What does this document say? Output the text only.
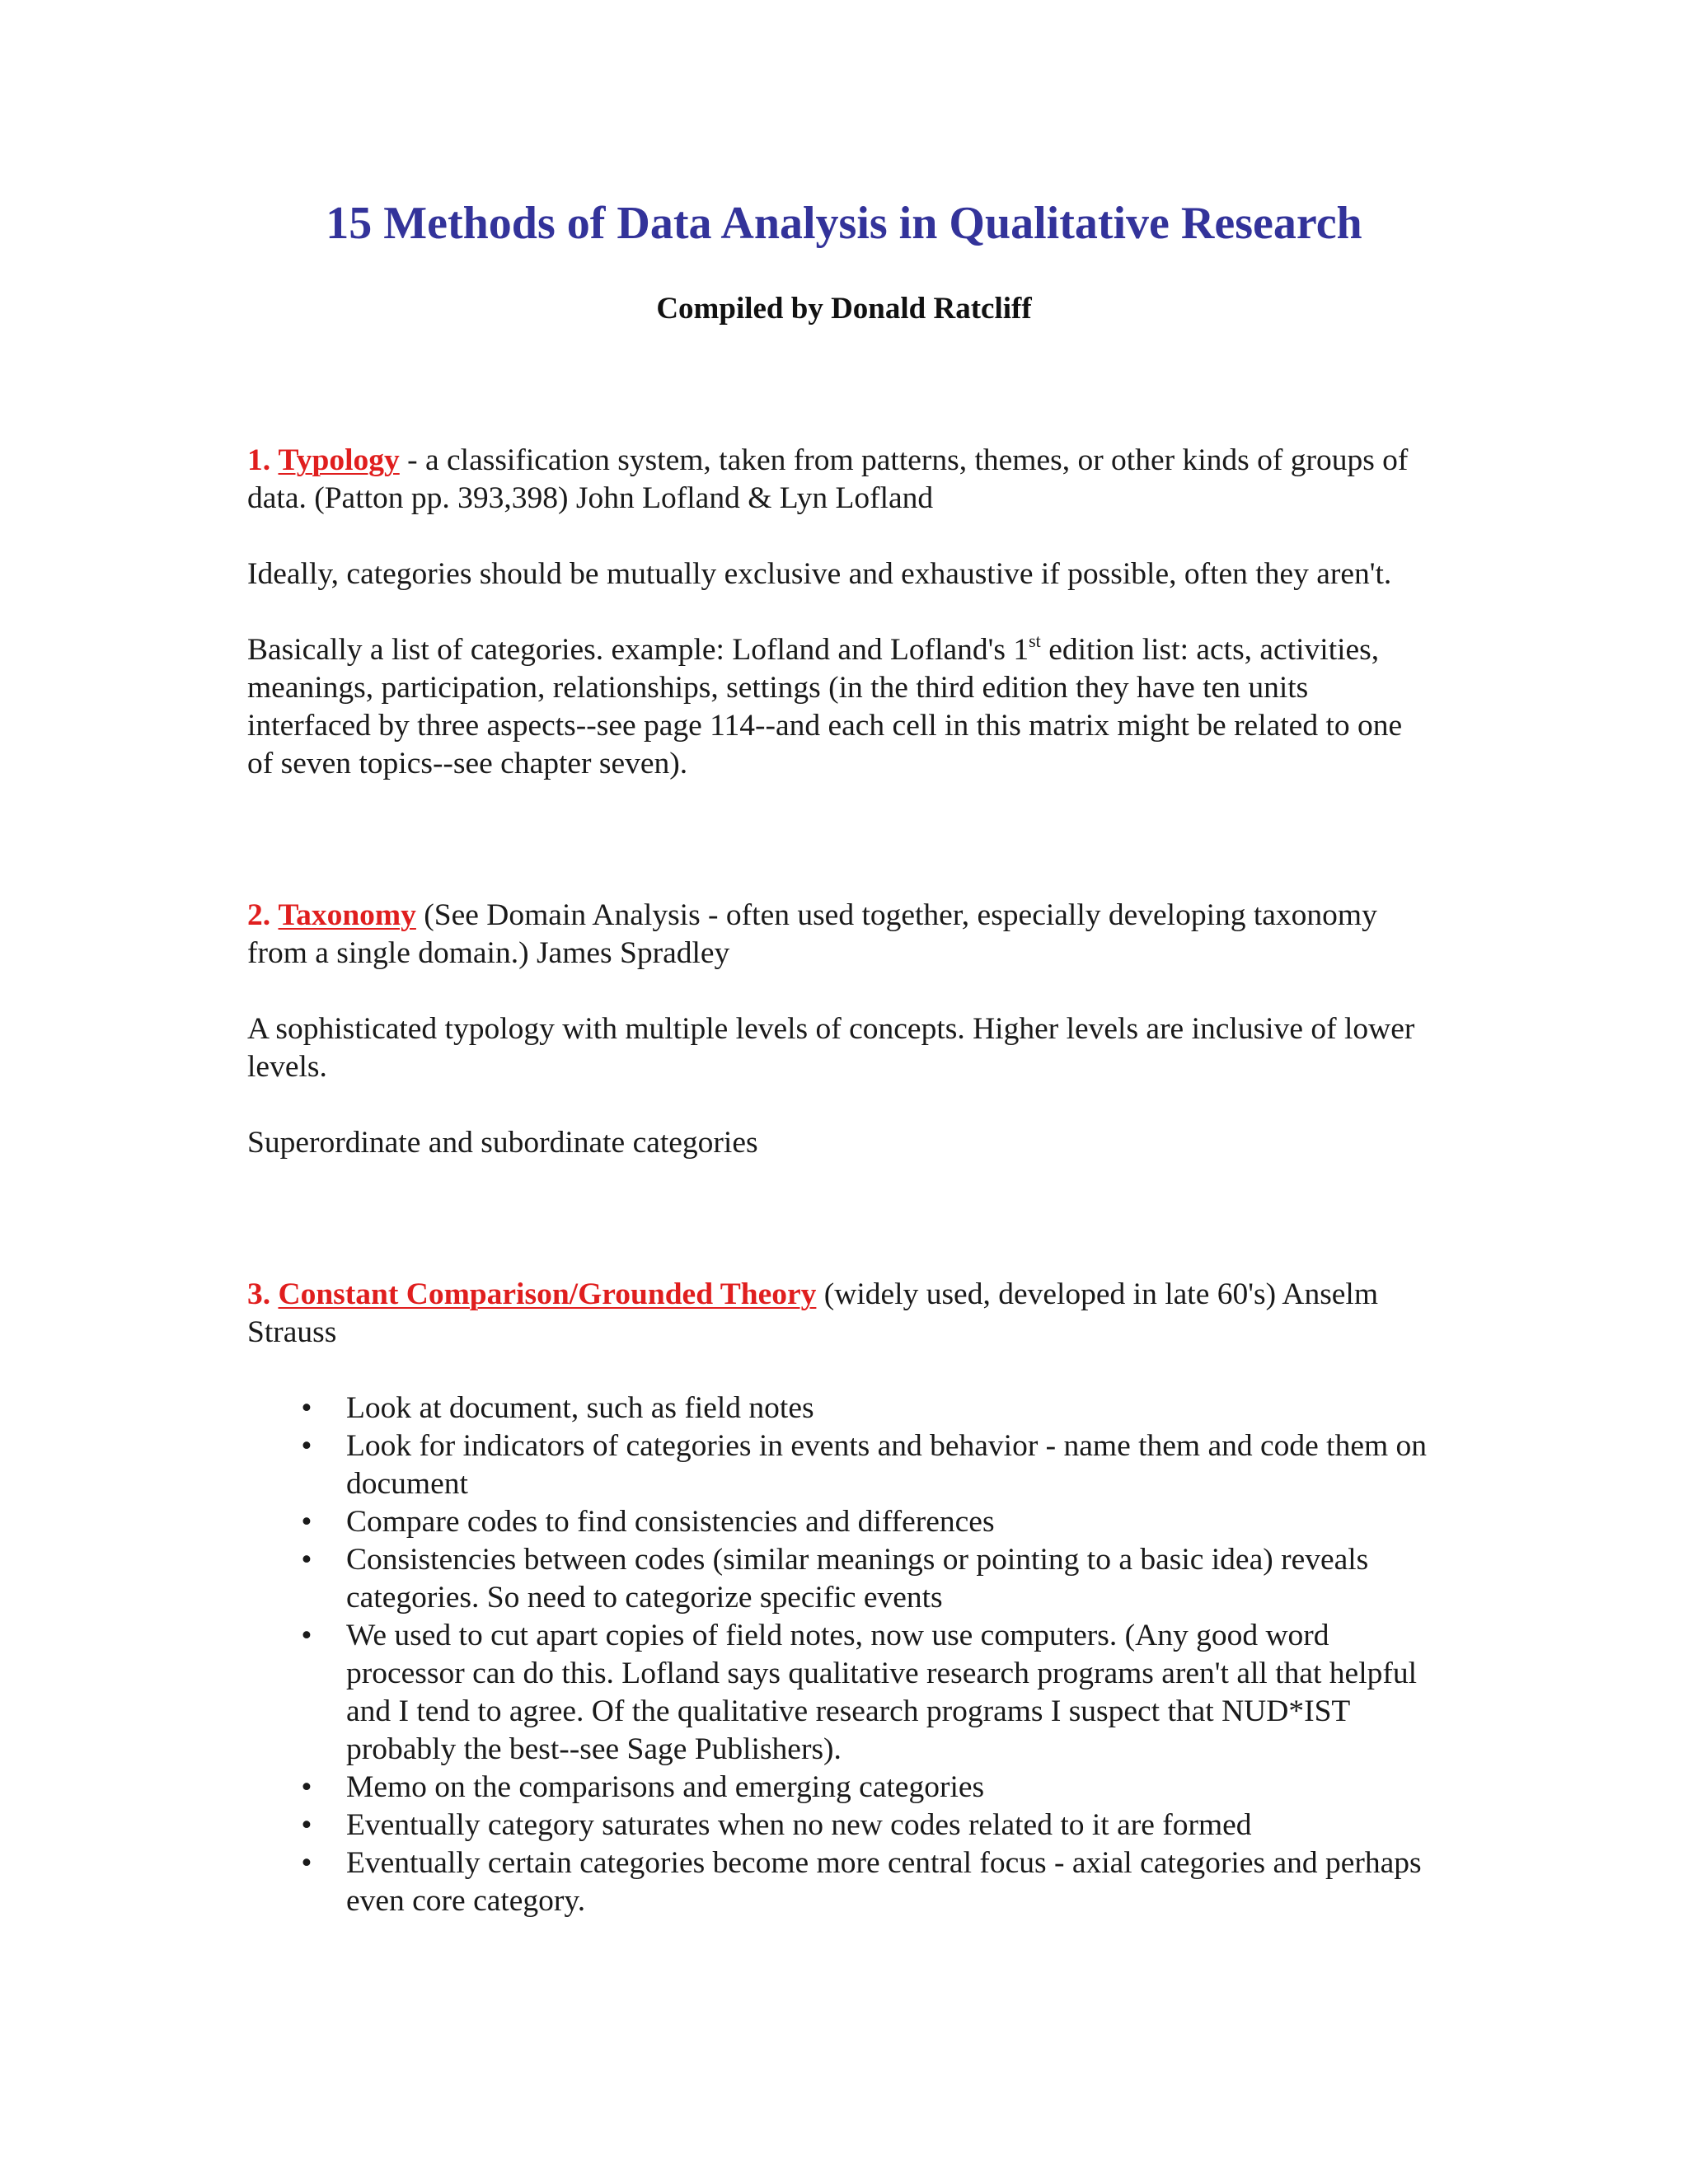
15 Methods of Data Analysis in Qualitative Research

Compiled by Donald Ratcliff

1. Typology - a classification system, taken from patterns, themes, or other kinds of groups of data. (Patton pp. 393,398) John Lofland & Lyn Lofland

Ideally, categories should be mutually exclusive and exhaustive if possible, often they aren't.

Basically a list of categories. example: Lofland and Lofland's 1st edition list: acts, activities, meanings, participation, relationships, settings (in the third edition they have ten units interfaced by three aspects--see page 114--and each cell in this matrix might be related to one of seven topics--see chapter seven).

2. Taxonomy (See Domain Analysis - often used together, especially developing taxonomy from a single domain.) James Spradley

A sophisticated typology with multiple levels of concepts. Higher levels are inclusive of lower levels.

Superordinate and subordinate categories

3. Constant Comparison/Grounded Theory (widely used, developed in late 60's) Anselm Strauss

• Look at document, such as field notes
• Look for indicators of categories in events and behavior - name them and code them on document
• Compare codes to find consistencies and differences
• Consistencies between codes (similar meanings or pointing to a basic idea) reveals categories. So need to categorize specific events
• We used to cut apart copies of field notes, now use computers. (Any good word processor can do this. Lofland says qualitative research programs aren't all that helpful and I tend to agree. Of the qualitative research programs I suspect that NUD*IST probably the best--see Sage Publishers).
• Memo on the comparisons and emerging categories
• Eventually category saturates when no new codes related to it are formed
• Eventually certain categories become more central focus - axial categories and perhaps even core category.
